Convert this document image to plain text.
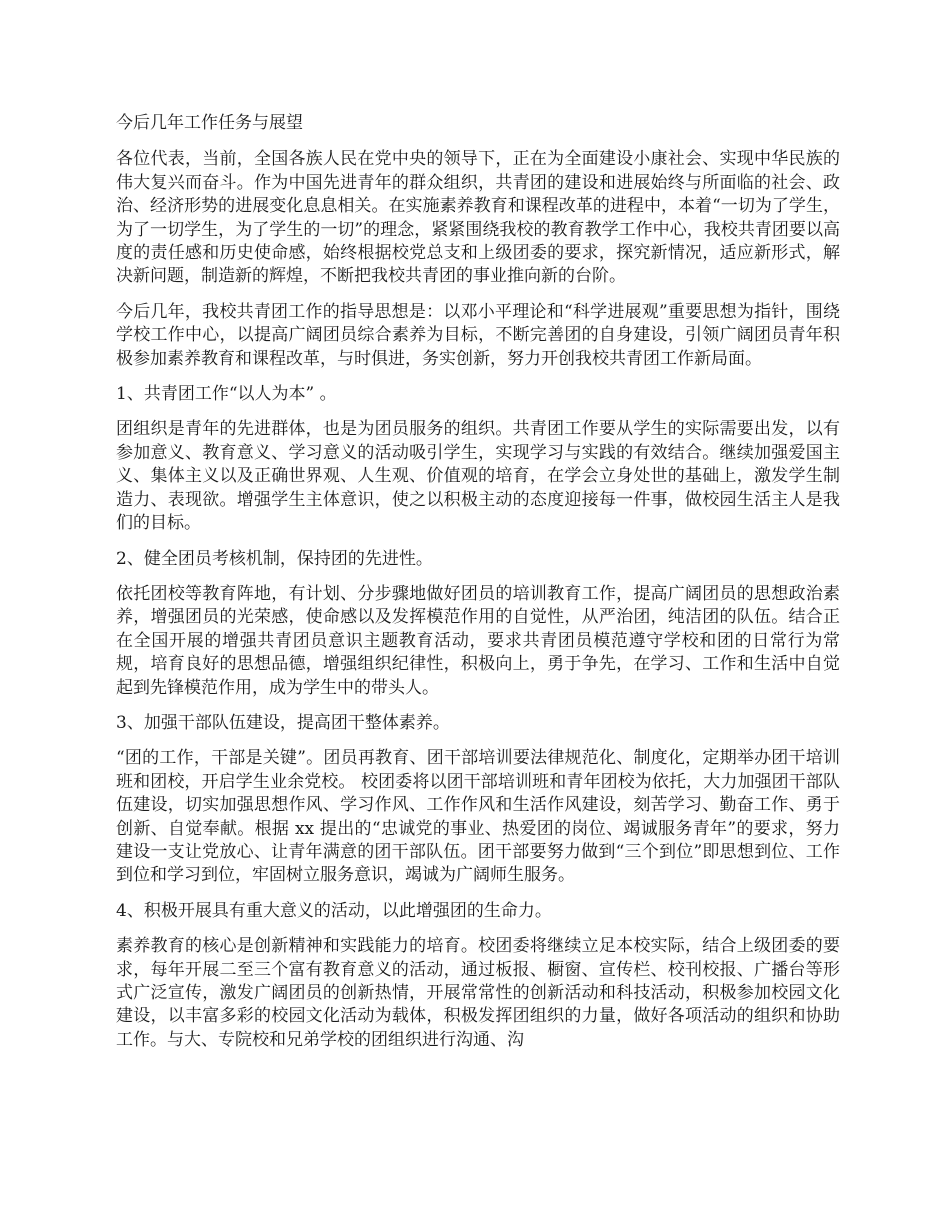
今后几年工作任务与展望

各位代表，当前，全国各族人民在党中央的领导下，正在为全面建设小康社会、实现中华民族的伟大复兴而奋斗。作为中国先进青年的群众组织，共青团的建设和进展始终与所面临的社会、政治、经济形势的进展变化息息相关。在实施素养教育和课程改革的进程中，本着“一切为了学生，为了一切学生，为了学生的一切”的理念，紧紧围绕我校的教育教学工作中心，我校共青团要以高度的责任感和历史使命感，始终根据校党总支和上级团委的要求，探究新情况，适应新形式，解决新问题，制造新的辉煌，不断把我校共青团的事业推向新的台阶。

今后几年，我校共青团工作的指导思想是：以邓小平理论和“科学进展观”重要思想为指针，围绕学校工作中心，以提高广阔团员综合素养为目标，不断完善团的自身建设，引领广阔团员青年积极参加素养教育和课程改革，与时俱进，务实创新，努力开创我校共青团工作新局面。

1、共青团工作“以人为本” 。

团组织是青年的先进群体，也是为团员服务的组织。共青团工作要从学生的实际需要出发，以有参加意义、教育意义、学习意义的活动吸引学生，实现学习与实践的有效结合。继续加强爱国主义、集体主义以及正确世界观、人生观、价值观的培育，在学会立身处世的基础上，激发学生制造力、表现欲。增强学生主体意识，使之以积极主动的态度迎接每一件事，做校园生活主人是我们的目标。

2、健全团员考核机制，保持团的先进性。

依托团校等教育阵地，有计划、分步骤地做好团员的培训教育工作，提高广阔团员的思想政治素养，增强团员的光荣感，使命感以及发挥模范作用的自觉性，从严治团，纯洁团的队伍。结合正在全国开展的增强共青团员意识主题教育活动，要求共青团员模范遵守学校和团的日常行为常规，培育良好的思想品德，增强组织纪律性，积极向上，勇于争先，在学习、工作和生活中自觉起到先锋模范作用，成为学生中的带头人。

3、加强干部队伍建设，提高团干整体素养。

“团的工作，干部是关键”。团员再教育、团干部培训要法律规范化、制度化，定期举办团干培训班和团校，开启学生业余党校。 校团委将以团干部培训班和青年团校为依托，大力加强团干部队伍建设，切实加强思想作风、学习作风、工作作风和生活作风建设，刻苦学习、勤奋工作、勇于创新、自觉奉献。根据 xx 提出的“忠诚党的事业、热爱团的岗位、竭诚服务青年”的要求，努力建设一支让党放心、让青年满意的团干部队伍。团干部要努力做到“三个到位”即思想到位、工作到位和学习到位，牢固树立服务意识，竭诚为广阔师生服务。

4、积极开展具有重大意义的活动，以此增强团的生命力。

素养教育的核心是创新精神和实践能力的培育。校团委将继续立足本校实际，结合上级团委的要求，每年开展二至三个富有教育意义的活动，通过板报、橱窗、宣传栏、校刊校报、广播台等形式广泛宣传，激发广阔团员的创新热情，开展常常性的创新活动和科技活动，积极参加校园文化建设，以丰富多彩的校园文化活动为载体，积极发挥团组织的力量，做好各项活动的组织和协助工作。与大、专院校和兄弟学校的团组织进行沟通、沟
